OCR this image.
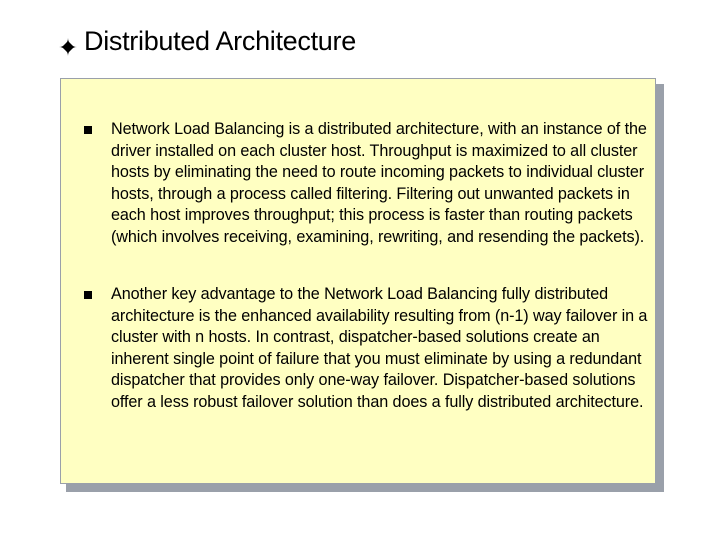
Distributed Architecture
Network Load Balancing is a distributed architecture, with an instance of the driver installed on each cluster host. Throughput is maximized to all cluster hosts by eliminating the need to route incoming packets to individual cluster hosts, through a process called filtering. Filtering out unwanted packets in each host improves throughput; this process is faster than routing packets (which involves receiving, examining, rewriting, and resending the packets).
Another key advantage to the Network Load Balancing fully distributed architecture is the enhanced availability resulting from (n-1) way failover in a cluster with n hosts. In contrast, dispatcher-based solutions create an inherent single point of failure that you must eliminate by using a redundant dispatcher that provides only one-way failover. Dispatcher-based solutions offer a less robust failover solution than does a fully distributed architecture.
